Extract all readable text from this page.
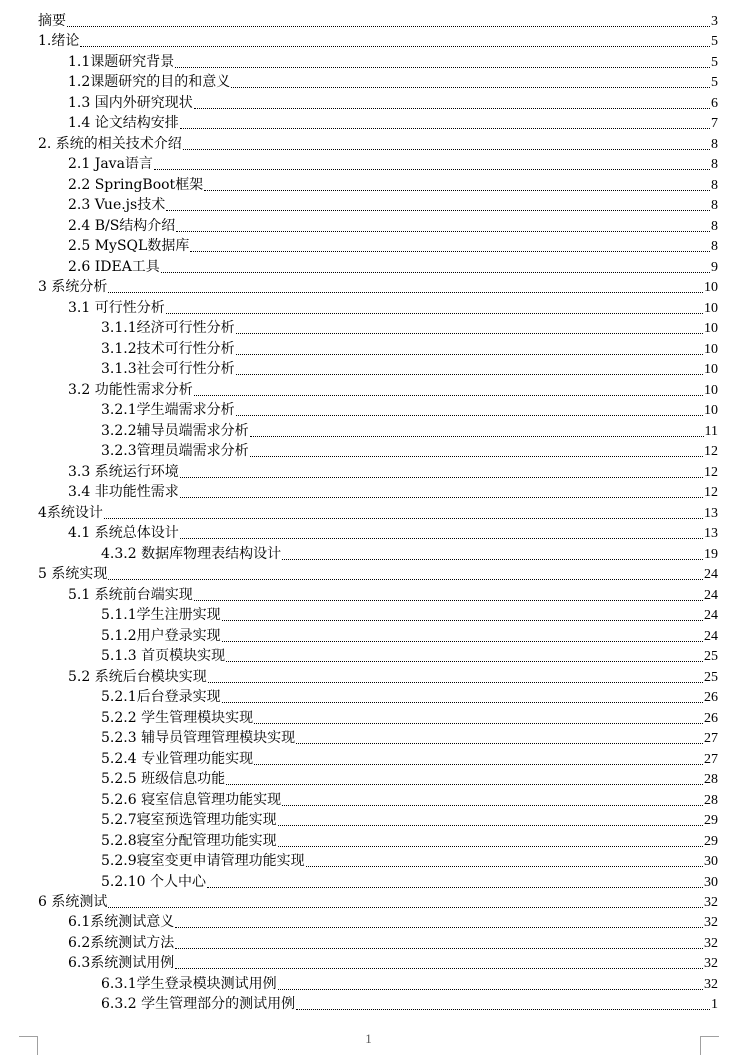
摘要	3
1.绪论	5
1.1课题研究背景	5
1.2课题研究的目的和意义	5
1.3 国内外研究现状	6
1.4 论文结构安排	7
2. 系统的相关技术介绍	8
2.1 Java语言	8
2.2 SpringBoot框架	8
2.3 Vue.js技术	8
2.4 B/S结构介绍	8
2.5 MySQL数据库	8
2.6 IDEA工具	9
3 系统分析	10
3.1 可行性分析	10
3.1.1经济可行性分析	10
3.1.2技术可行性分析	10
3.1.3社会可行性分析	10
3.2 功能性需求分析	10
3.2.1学生端需求分析	10
3.2.2辅导员端需求分析	11
3.2.3管理员端需求分析	12
3.3 系统运行环境	12
3.4 非功能性需求	12
4系统设计	13
4.1 系统总体设计	13
4.3.2 数据库物理表结构设计	19
5 系统实现	24
5.1 系统前台端实现	24
5.1.1学生注册实现	24
5.1.2用户登录实现	24
5.1.3 首页模块实现	25
5.2 系统后台模块实现	25
5.2.1后台登录实现	26
5.2.2 学生管理模块实现	26
5.2.3 辅导员管理管理模块实现	27
5.2.4 专业管理功能实现	27
5.2.5 班级信息功能	28
5.2.6 寝室信息管理功能实现	28
5.2.7寝室预选管理功能实现	29
5.2.8寝室分配管理功能实现	29
5.2.9寝室变更申请管理功能实现	30
5.2.10 个人中心	30
6 系统测试	32
6.1系统测试意义	32
6.2系统测试方法	32
6.3系统测试用例	32
6.3.1学生登录模块测试用例	32
6.3.2 学生管理部分的测试用例	1
1
